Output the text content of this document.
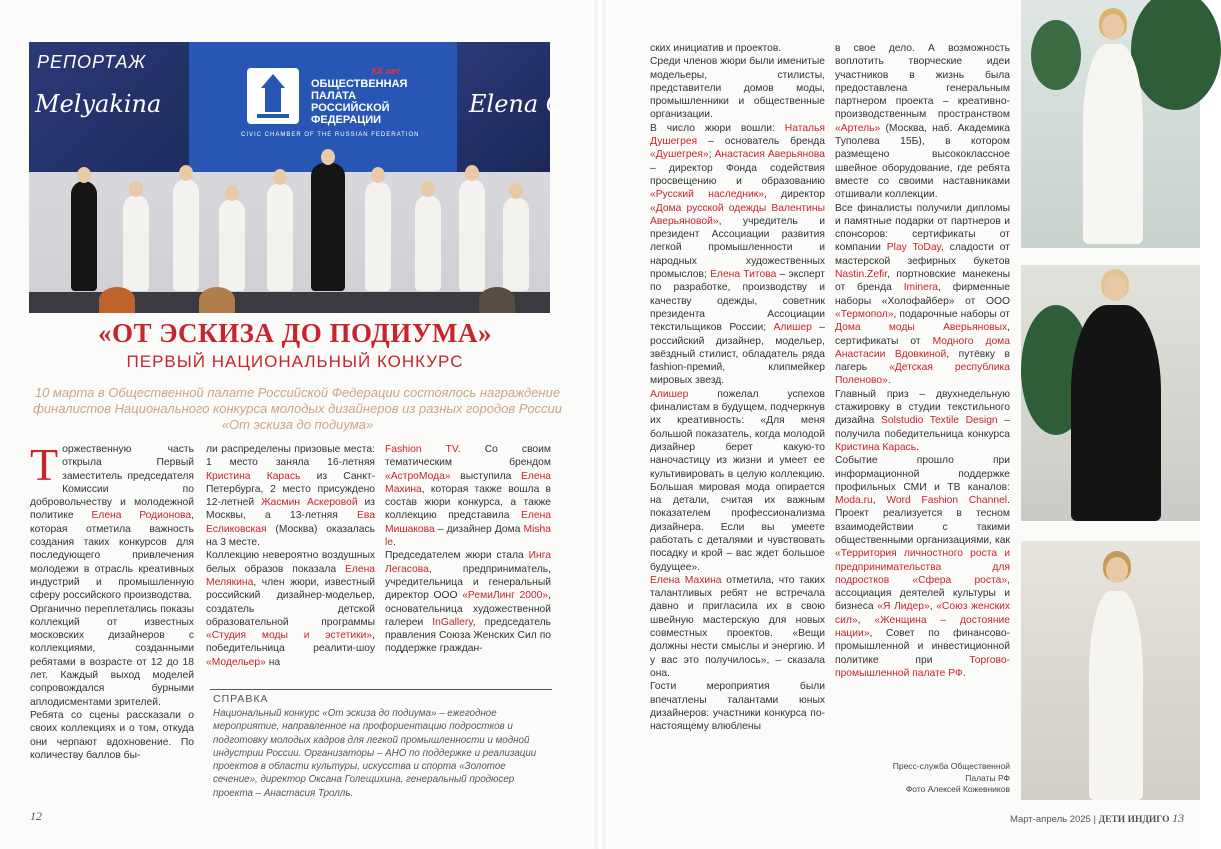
РЕПОРТАЖ
Melyakina	Elena C
XX лет
ОБЩЕСТВЕННАЯ ПАЛАТА РОССИЙСКОЙ ФЕДЕРАЦИИ
CIVIC CHAMBER OF THE RUSSIAN FEDERATION
«ОТ ЭСКИЗА ДО ПОДИУМА»
ПЕРВЫЙ НАЦИОНАЛЬНЫЙ КОНКУРС
10 марта в Общественной палате Российской Федерации состоялось награждение финалистов Национального конкурса молодых дизайнеров из разных городов России «От эскиза до подиума»

Торжественную часть открыла Первый заместитель председателя Комиссии по добровольчеству и молодежной политике Елена Родионова, которая отметила важность создания таких конкурсов для последующего привлечения молодежи в отрасль креативных индустрий и промышленную сферу российского производства.

Органично переплетались показы коллекций от известных московских дизайнеров с коллекциями, созданными ребятами в возрасте от 12 до 18 лет. Каждый выход моделей сопровождался бурными аплодисментами зрителей.

Ребята со сцены рассказали о своих коллекциях и о том, откуда они черпают вдохновение. По количеству баллов бы-

ли распределены призовые места: 1 место заняла 16-летняя Кристина Карась из Санкт-Петербурга, 2 место присуждено 12-летней Жасмин Аскеровой из Москвы, а 13-летняя Ева Есликовская (Москва) оказалась на 3 месте.

Коллекцию невероятно воздушных белых образов показала Елена Мелякина, член жюри, известный российский дизайнер-модельер, создатель детской образовательной программы «Студия моды и эстетики», победительница реалити-шоу «Модельер» на

Fashion TV. Со своим тематическим брендом «АстроМода» выступила Елена Махина, которая также вошла в состав жюри конкурса, а также коллекцию представила Елена Мишакова – дизайнер Дома Misha le.

Председателем жюри стала Инга Легасова, предприниматель, учредительница и генеральный директор ООО «РемиЛинг 2000», основательница художественной галереи InGallery, председатель правления Союза Женских Сил по поддержке граждан-

СПРАВКА
Национальный конкурс «От эскиза до подиума» – ежегодное мероприятие, направленное на профориентацию подростков и подготовку молодых кадров для легкой промышленности и модной индустрии России. Организаторы – АНО по поддержке и реализации проектов в области культуры, искусства и спорта «Золотое сечение», директор Оксана Голещихина, генеральный продюсер проекта – Анастасия Тролль.

ских инициатив и проектов.

Среди членов жюри были именитые модельеры, стилисты, представители домов моды, промышленники и общественные организации.

В число жюри вошли: Наталья Душегрея – основатель бренда «Душегрея»; Анастасия Аверьянова – директор Фонда содействия просвещению и образованию «Русский наследник», директор «Дома русской одежды Валентины Аверьяновой», учредитель и президент Ассоциации развития легкой промышленности и народных художественных промыслов; Елена Титова – эксперт по разработке, производству и качеству одежды, советник президента Ассоциации текстильщиков России; Алишер – российский дизайнер, модельер, звёздный стилист, обладатель ряда fashion-премий, клипмейкер мировых звезд.

Алишер пожелал успехов финалистам в будущем, подчеркнув их креативность: «Для меня большой показатель, когда молодой дизайнер берет какую-то наночастицу из жизни и умеет ее культивировать в целую коллекцию. Большая мировая мода опирается на детали, считая их важным показателем профессионализма дизайнера. Если вы умеете работать с деталями и чувствовать посадку и крой – вас ждет большое будущее».

Елена Махина отметила, что таких талантливых ребят не встречала давно и пригласила их в свою швейную мастерскую для новых совместных проектов. «Вещи должны нести смыслы и энергию. И у вас это получилось», – сказала она.

Гости мероприятия были впечатлены талантами юных дизайнеров: участники конкурса по-настоящему влюблены

в свое дело. А возможность воплотить творческие идеи участников в жизнь была предоставлена генеральным партнером проекта – креативно-производственным пространством «Артель» (Москва, наб. Академика Туполева 15Б), в котором размещено высококлассное швейное оборудование, где ребята вместе со своими наставниками отшивали коллекции.

Все финалисты получили дипломы и памятные подарки от партнеров и спонсоров: сертификаты от компании Play ToDay, сладости от мастерской зефирных букетов Nastin.Zefir, портновские манекены от бренда Iminera, фирменные наборы «Холофайбер» от ООО «Термопол», подарочные наборы от Дома моды Аверьяновых, сертификаты от Модного дома Анастасии Вдовкиной, путёвку в лагерь «Детская республика Поленово».

Главный приз – двухнедельную стажировку в студии текстильного дизайна Solstudio Textile Design – получила победительница конкурса Кристина Карась.

Событие прошло при информационной поддержке профильных СМИ и ТВ каналов: Moda.ru, Word Fashion Channel. Проект реализуется в тесном взаимодействии с такими общественными организациями, как «Территория личностного роста и предпринимательства для подростков «Сфера роста», ассоциация деятелей культуры и бизнеса «Я Лидер», «Союз женских сил», «Женщина – достояние нации», Совет по финансово-промышленной и инвестиционной политике при Торгово-промышленной палате РФ.

Пресс-служба Общественной
Палаты РФ
Фото Алексей Кожевников
12	Март-апрель 2025 | ДЕТИ ИНДИГО 13
